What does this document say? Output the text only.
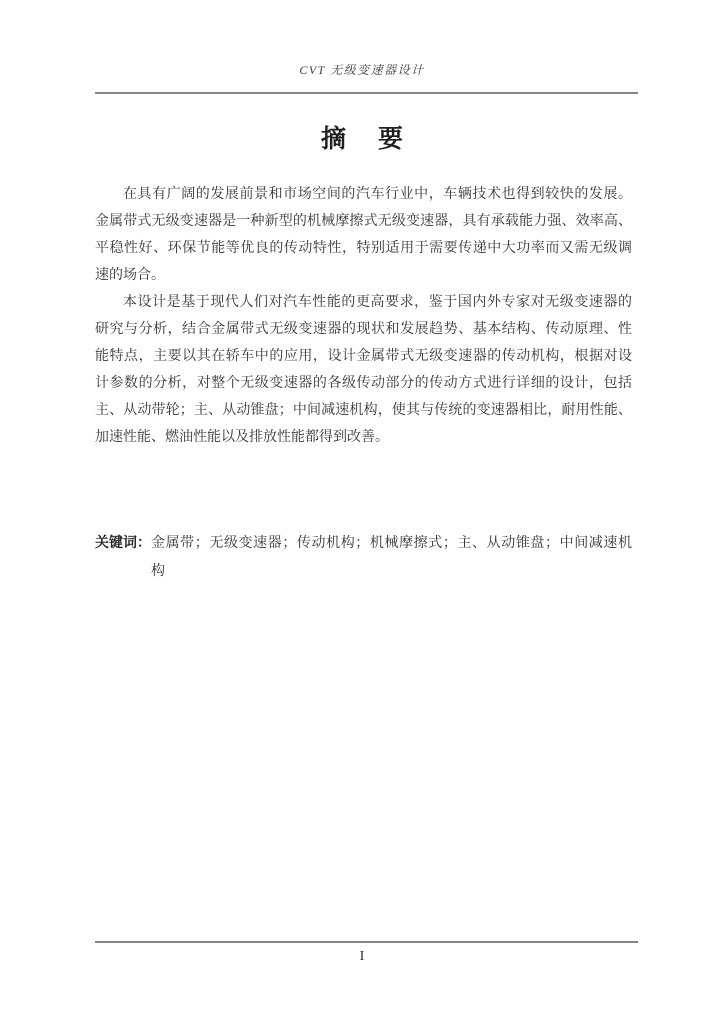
CVT 无级变速器设计
摘 要

在具有广阔的发展前景和市场空间的汽车行业中，车辆技术也得到较快的发展。

金属带式无级变速器是一种新型的机械摩擦式无级变速器，具有承载能力强、效率高、

平稳性好、环保节能等优良的传动特性，特别适用于需要传递中大功率而又需无级调

速的场合。

本设计是基于现代人们对汽车性能的更高要求，鉴于国内外专家对无级变速器的

研究与分析，结合金属带式无级变速器的现状和发展趋势、基本结构、传动原理、性

能特点，主要以其在轿车中的应用，设计金属带式无级变速器的传动机构，根据对设

计参数的分析，对整个无级变速器的各级传动部分的传动方式进行详细的设计，包括

主、从动带轮；主、从动锥盘；中间减速机构，使其与传统的变速器相比，耐用性能、

加速性能、燃油性能以及排放性能都得到改善。

关键词： 金属带；无级变速器；传动机构；机械摩擦式；主、从动锥盘；中间减速机
构
I
